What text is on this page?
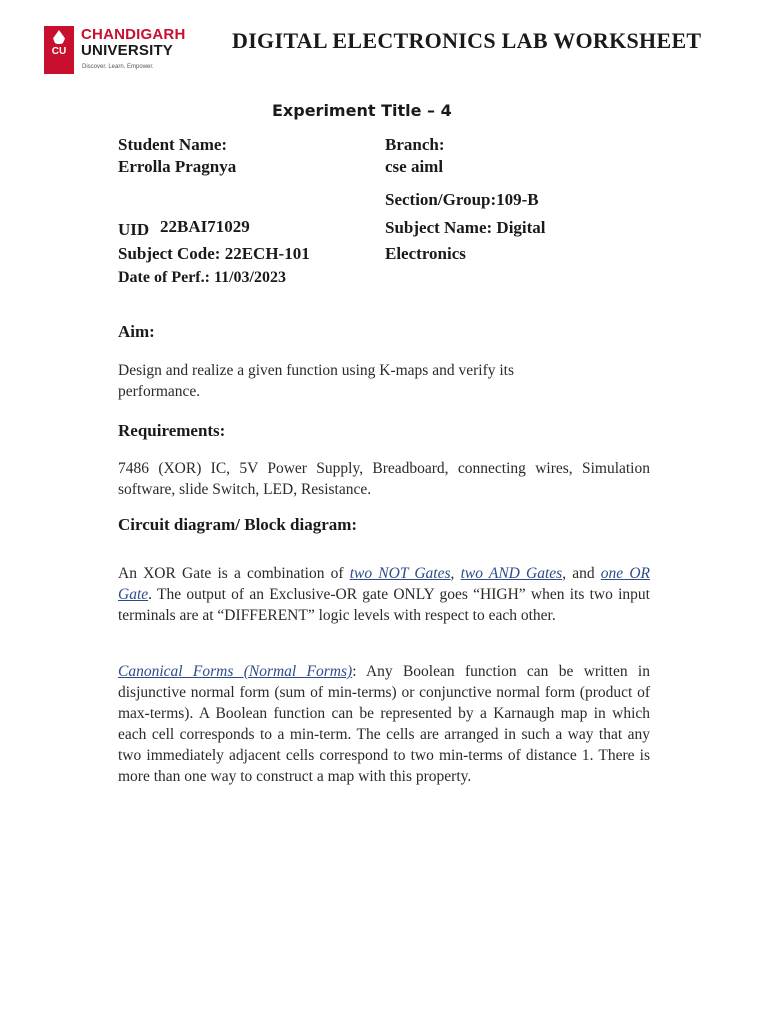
CU
CHANDIGARH
UNIVERSITY
Discover. Learn. Empower.
DIGITAL ELECTRONICS LAB WORKSHEET
Experiment Title – 4
Student Name:
Errolla Pragnya
Branch:
cse aiml
Section/Group:109-B
UID 22BAI71029	Subject Name: Digital
Electronics
Subject Code: 22ECH-101
Date of Perf.: 11/03/2023
Aim:
Design and realize a given function using K-maps and verify its performance.
Requirements:
7486 (XOR) IC, 5V Power Supply, Breadboard, connecting wires, Simulation software, slide Switch, LED, Resistance.
Circuit diagram/ Block diagram:
An XOR Gate is a combination of two NOT Gates, two AND Gates, and one OR Gate. The output of an Exclusive-OR gate ONLY goes “HIGH” when its two input terminals are at “DIFFERENT” logic levels with respect to each other.
Canonical Forms (Normal Forms): Any Boolean function can be written in disjunctive normal form (sum of min-terms) or conjunctive normal form (product of max-terms). A Boolean function can be represented by a Karnaugh map in which each cell corresponds to a min-term. The cells are arranged in such a way that any two immediately adjacent cells correspond to two min-terms of distance 1. There is more than one way to construct a map with this property.
